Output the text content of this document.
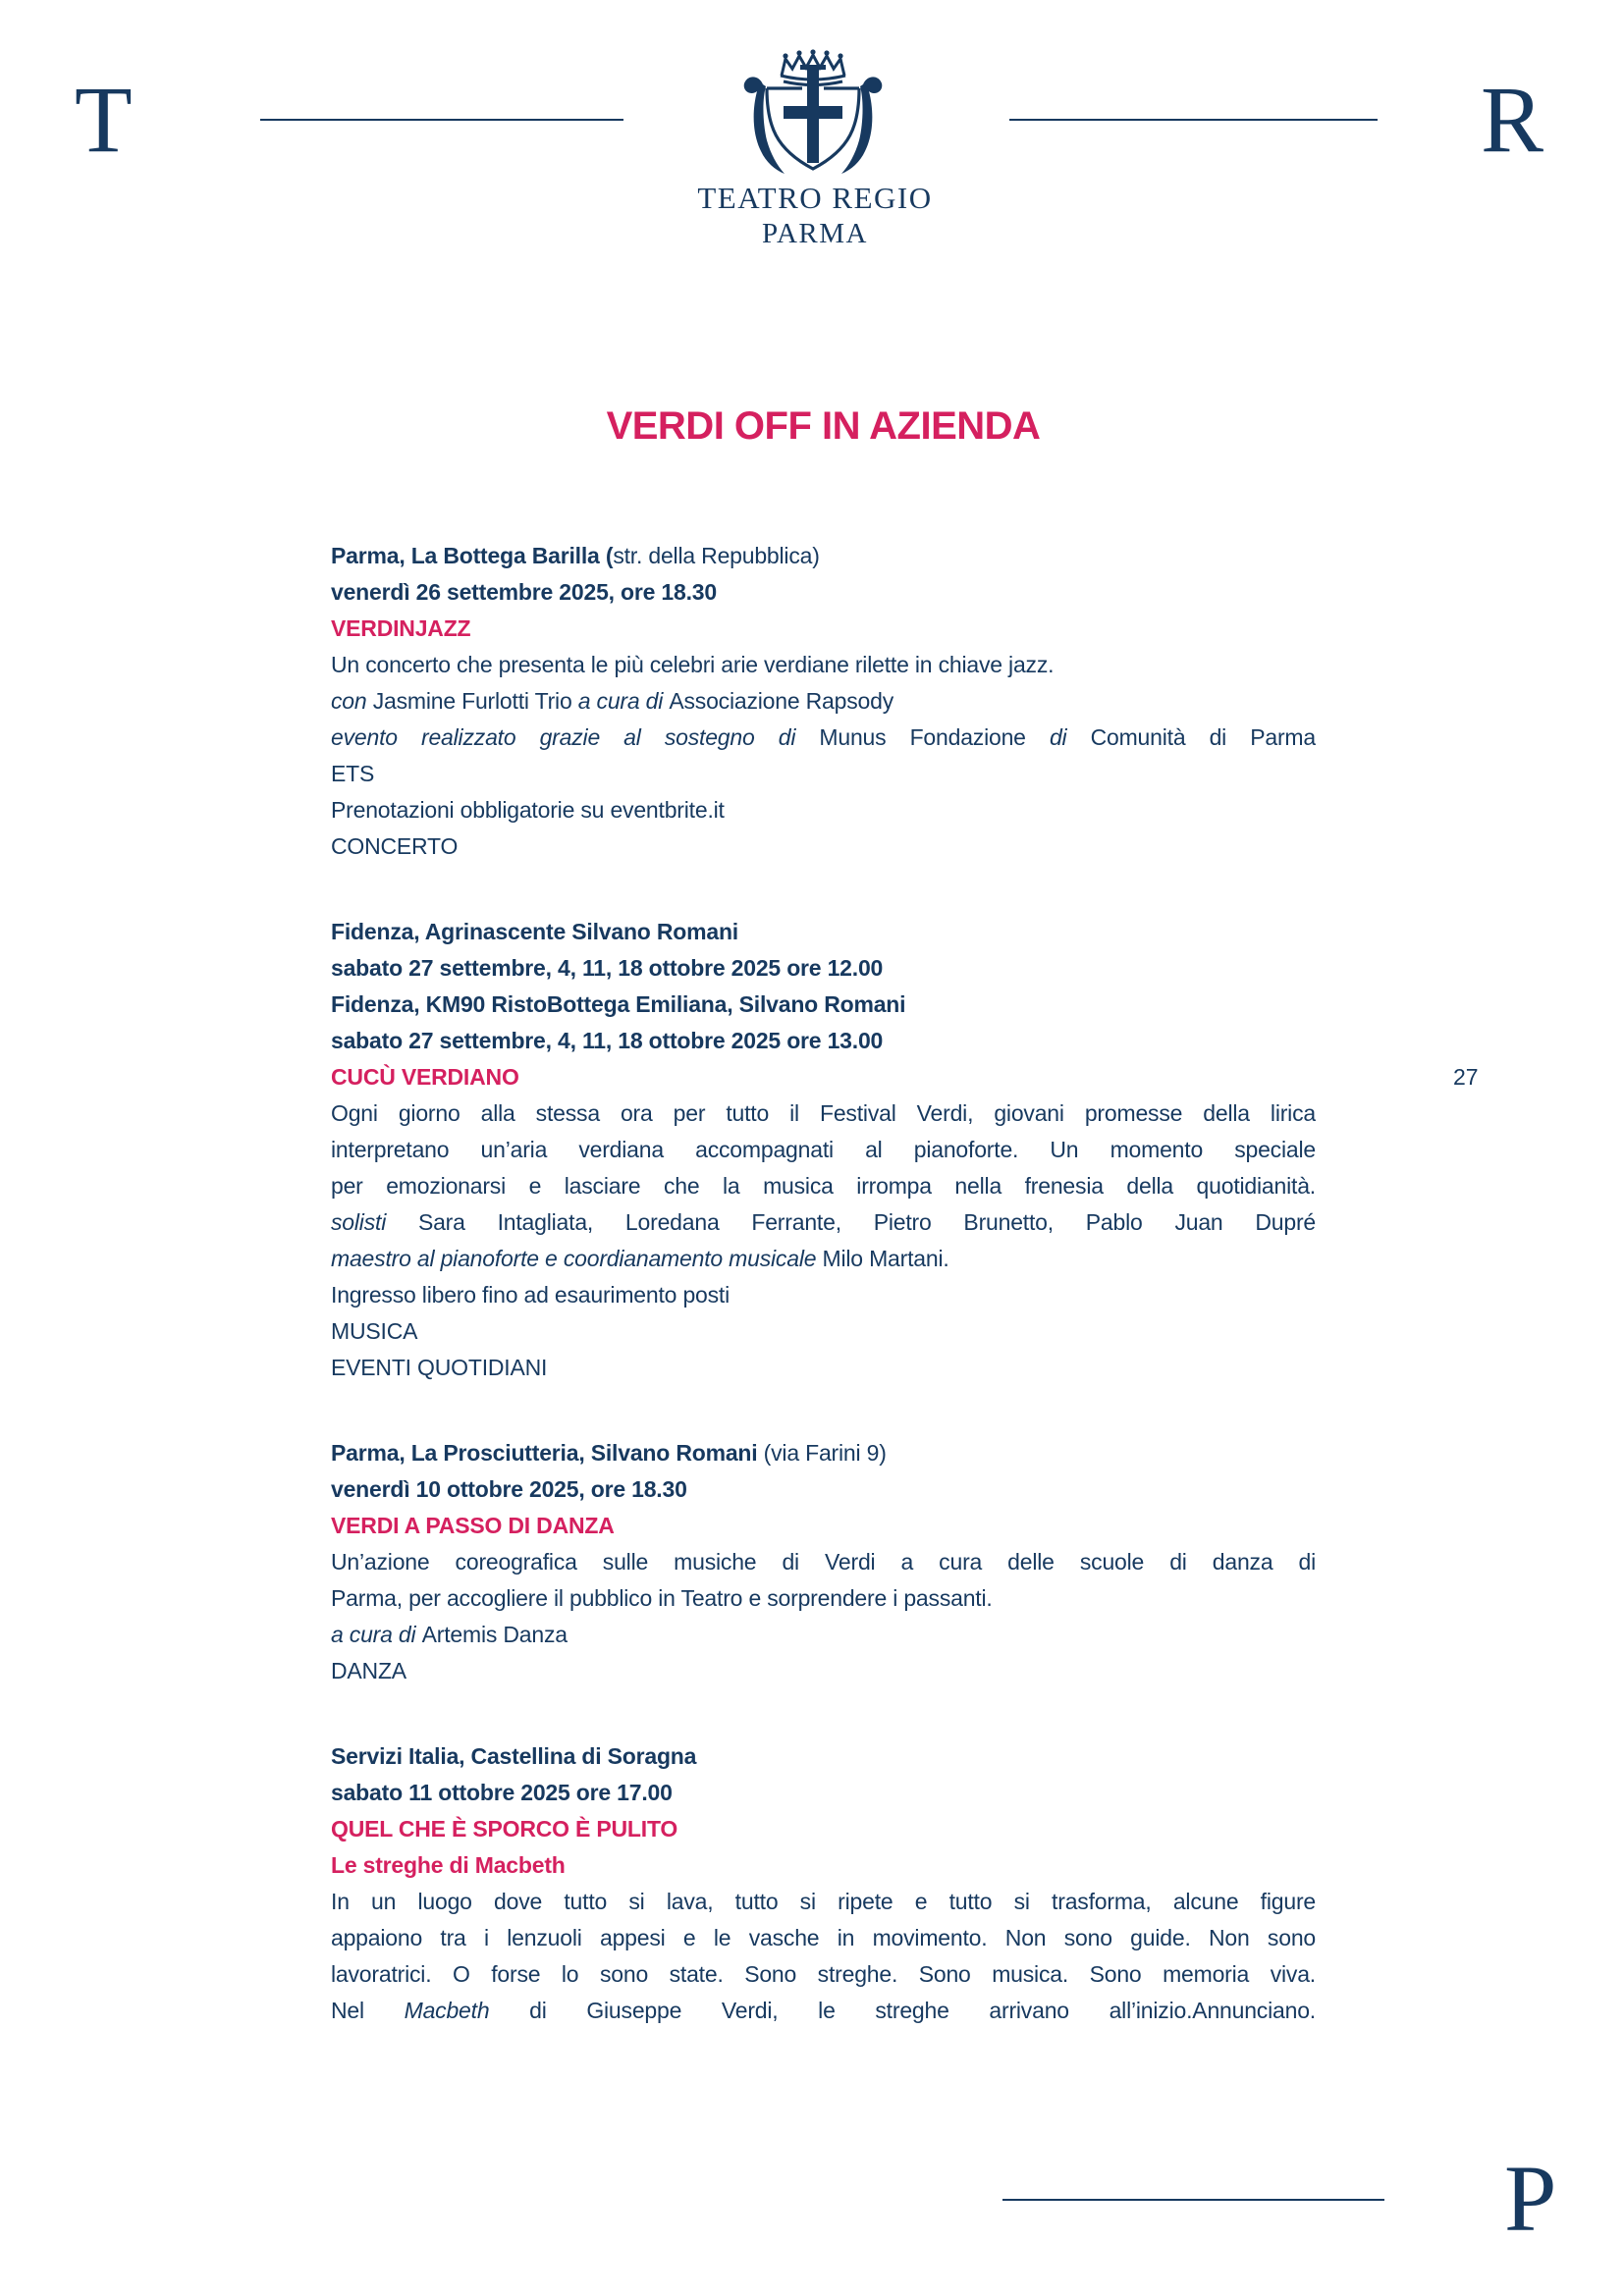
T
TEATRO REGIO
PARMA
R
VERDI OFF IN AZIENDA
Parma, La Bottega Barilla (str. della Repubblica)
venerdì 26 settembre 2025, ore 18.30
VERDINJAZZ
Un concerto che presenta le più celebri arie verdiane rilette in chiave jazz.
con Jasmine Furlotti Trio a cura di Associazione Rapsody
evento realizzato grazie al sostegno di Munus Fondazione di Comunità di Parma
ETS
Prenotazioni obbligatorie su eventbrite.it
CONCERTO
Fidenza, Agrinascente Silvano Romani
sabato 27 settembre, 4, 11, 18 ottobre 2025 ore 12.00
Fidenza, KM90 RistoBottega Emiliana, Silvano Romani
sabato 27 settembre, 4, 11, 18 ottobre 2025 ore 13.00
CUCÙ VERDIANO
Ogni giorno alla stessa ora per tutto il Festival Verdi, giovani promesse della lirica
interpretano un’aria verdiana accompagnati al pianoforte. Un momento speciale
per emozionarsi e lasciare che la musica irrompa nella frenesia della quotidianità.
solisti Sara Intagliata, Loredana Ferrante, Pietro Brunetto, Pablo Juan Dupré
maestro al pianoforte e coordianamento musicale Milo Martani.
Ingresso libero fino ad esaurimento posti
MUSICA
EVENTI QUOTIDIANI
Parma, La Prosciutteria, Silvano Romani (via Farini 9)
venerdì 10 ottobre 2025, ore 18.30
VERDI A PASSO DI DANZA
Un’azione coreografica sulle musiche di Verdi a cura delle scuole di danza di
Parma, per accogliere il pubblico in Teatro e sorprendere i passanti.
a cura di Artemis Danza
DANZA
Servizi Italia, Castellina di Soragna
sabato 11 ottobre 2025 ore 17.00
QUEL CHE È SPORCO È PULITO
Le streghe di Macbeth
In un luogo dove tutto si lava, tutto si ripete e tutto si trasforma, alcune figure
appaiono tra i lenzuoli appesi e le vasche in movimento. Non sono guide. Non sono
lavoratrici. O forse lo sono state. Sono streghe. Sono musica. Sono memoria viva.
Nel Macbeth di Giuseppe Verdi, le streghe arrivano all’inizio.Annunciano.
27
P
